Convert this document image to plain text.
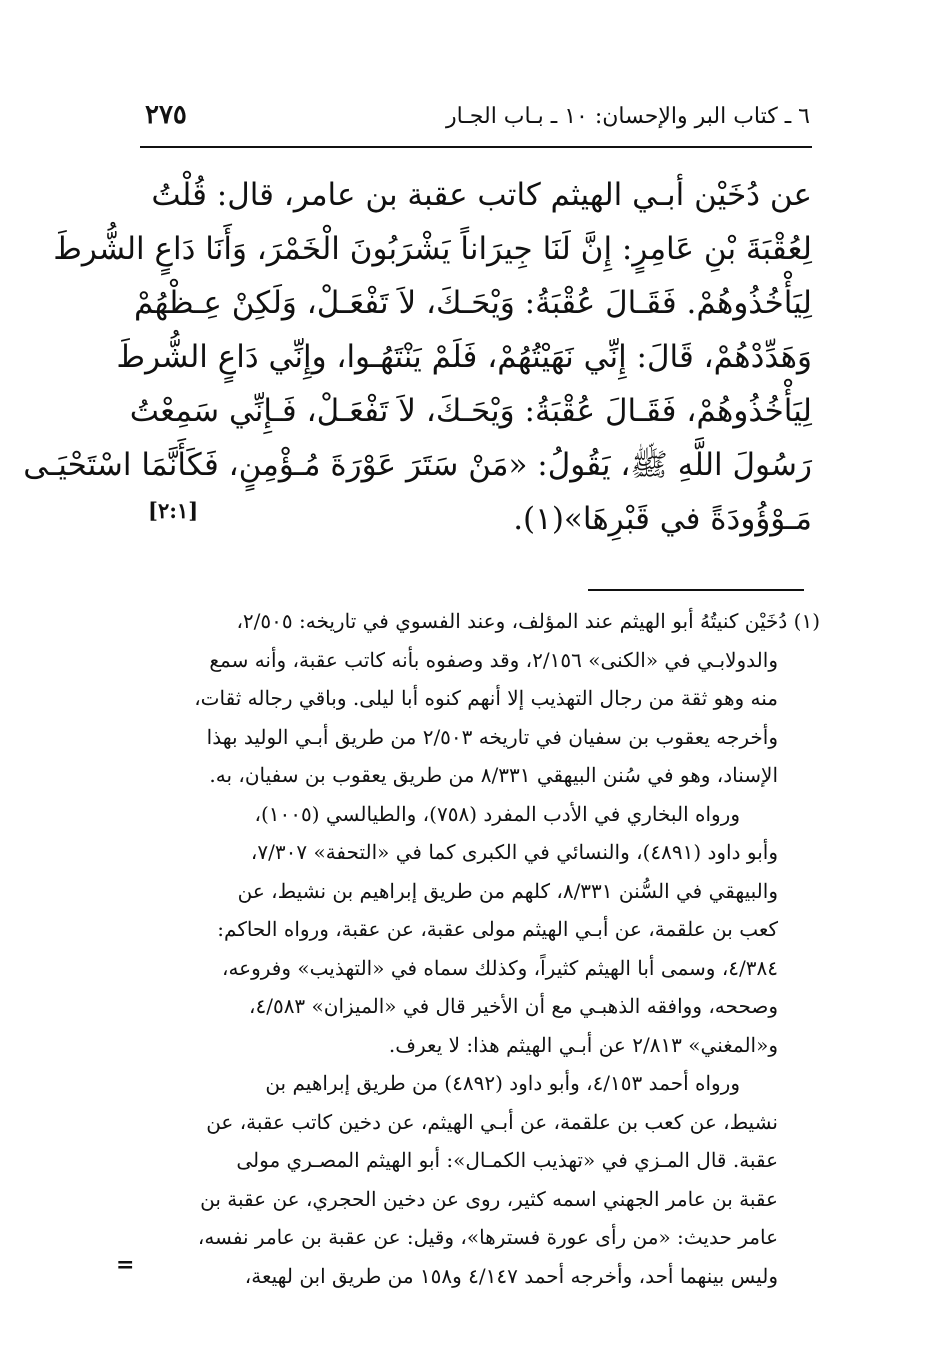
٦ ـ كتاب البر والإحسان: ١٠ ـ بـاب الجـار
٢٧٥
عن دُخَيْن أبـي الهيثم كاتب عقبة بن عامر، قال: قُلْتُ
لِعُقْبَةَ بْنِ عَامِرٍ: إِنَّ لَنَا جِيرَاناً يَشْرَبُونَ الْخَمْرَ، وَأَنَا دَاعٍ الشُّرطَ
لِيَأْخُذُوهُمْ. فَقَـالَ عُقْبَةُ: وَيْحَـكَ، لاَ تَفْعَـلْ، وَلَكِنْ عِـظْهُمْ
وَهَدِّدْهُمْ، قَالَ: إِنِّي نَهَيْتُهُمْ، فَلَمْ يَنْتَهُـوا، وإِنِّي دَاعٍ الشُّرطَ
لِيَأْخُذُوهُمْ، فَقَـالَ عُقْبَةُ: وَيْحَـكَ، لاَ تَفْعَـلْ، فَـإِنِّي سَمِعْتُ
رَسُولَ اللَّهِ ﷺ، يَقُولُ: «مَنْ سَتَرَ عَوْرَةَ مُـؤْمِنٍ، فَكَأَنَّمَا اسْتَحْيَـى
مَـوْؤُودَةً في قَبْرِهَا»(١).
[٢:١]
(١) دُخَيْن كنيتُهُ أبو الهيثم عند المؤلف، وعند الفسوي في تاريخه: ٢/٥٠٥،
والدولابـي في «الكنى» ٢/١٥٦، وقد وصفوه بأنه كاتب عقبة، وأنه سمع
منه وهو ثقة من رجال التهذيب إلا أنهم كنوه أبا ليلى. وباقي رجاله ثقات،
وأخرجه يعقوب بن سفيان في تاريخه ٢/٥٠٣ من طريق أبـي الوليد بهذا
الإسناد، وهو في سُنن البيهقي ٨/٣٣١ من طريق يعقوب بن سفيان، به.
ورواه البخاري في الأدب المفرد (٧٥٨)، والطيالسي (١٠٠٥)،
وأبو داود (٤٨٩١)، والنسائي في الكبرى كما في «التحفة» ٧/٣٠٧،
والبيهقي في السُّنن ٨/٣٣١، كلهم من طريق إبراهيم بن نشيط، عن
كعب بن علقمة، عن أبـي الهيثم مولى عقبة، عن عقبة، ورواه الحاكم:
٤/٣٨٤، وسمى أبا الهيثم كثيراً، وكذلك سماه في «التهذيب» وفروعه،
وصححه، ووافقه الذهبـي مع أن الأخير قال في «الميزان» ٤/٥٨٣،
و«المغني» ٢/٨١٣ عن أبـي الهيثم هذا: لا يعرف.
ورواه أحمد ٤/١٥٣، وأبو داود (٤٨٩٢) من طريق إبراهيم بن
نشيط، عن كعب بن علقمة، عن أبـي الهيثم، عن دخين كاتب عقبة، عن
عقبة. قال المـزي في «تهذيب الكمـال»: أبو الهيثم المصـري مولى
عقبة بن عامر الجهني اسمه كثير، روى عن دخين الحجري، عن عقبة بن
عامر حديث: «من رأى عورة فسترها»، وقيل: عن عقبة بن عامر نفسه،
وليس بينهما أحد، وأخرجه أحمد ٤/١٤٧ و١٥٨ من طريق ابن لهيعة،
=
